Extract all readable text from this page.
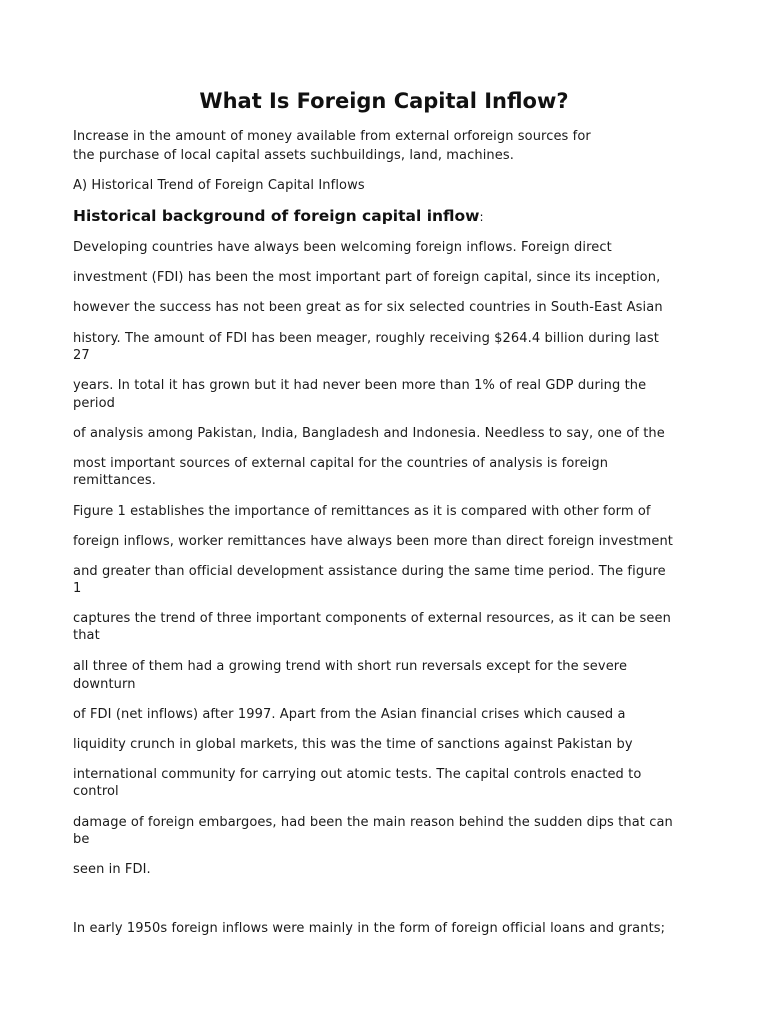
What Is Foreign Capital Inflow?

Increase in the amount of money available from external orforeign sources for

the purchase of local capital assets suchbuildings, land, machines.

A) Historical Trend of Foreign Capital Inflows

Historical background of foreign capital inflow:

Developing countries have always been welcoming foreign inflows. Foreign direct

investment (FDI) has been the most important part of foreign capital, since its inception,

however the success has not been great as for six selected countries in South-East Asian

history. The amount of FDI has been meager, roughly receiving $264.4 billion during last

27

years. In total it has grown but it had never been more than 1% of real GDP during the

period

of analysis among Pakistan, India, Bangladesh and Indonesia. Needless to say, one of the

most important sources of external capital for the countries of analysis is foreign

remittances.

Figure 1 establishes the importance of remittances as it is compared with other form of

foreign inflows, worker remittances have always been more than direct foreign investment

and greater than official development assistance during the same time period. The figure

1

captures the trend of three important components of external resources, as it can be seen

that

all three of them had a growing trend with short run reversals except for the severe

downturn

of FDI (net inflows) after 1997. Apart from the Asian financial crises which caused a

liquidity crunch in global markets, this was the time of sanctions against Pakistan by

international community for carrying out atomic tests. The capital controls enacted to

control

damage of foreign embargoes, had been the main reason behind the sudden dips that can

be

seen in FDI.

In early 1950s foreign inflows were mainly in the form of foreign official loans and grants;
